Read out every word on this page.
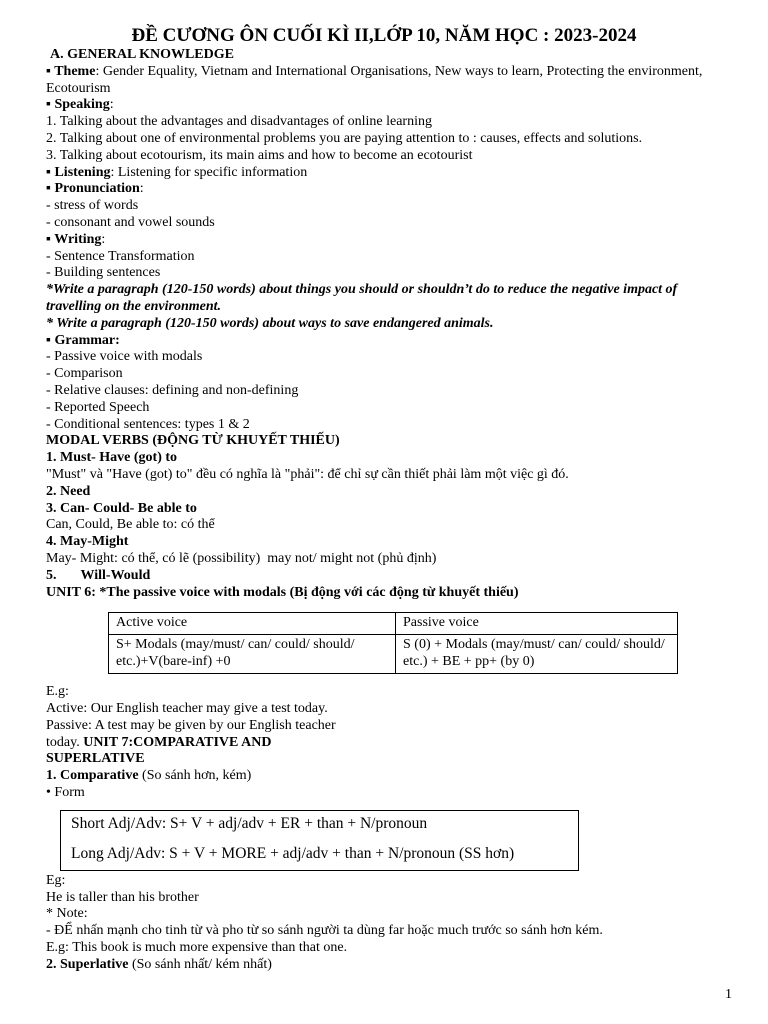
ĐỀ CƯƠNG ÔN CUỐI KÌ II,LỚP 10, NĂM HỌC : 2023-2024
A. GENERAL KNOWLEDGE
▪ Theme: Gender Equality, Vietnam and International Organisations, New ways to learn, Protecting the environment, Ecotourism
▪ Speaking:
1. Talking about the advantages and disadvantages of online learning
2. Talking about one of environmental problems you are paying attention to : causes, effects and solutions.
3. Talking about ecotourism, its main aims and how to become an ecotourist
▪ Listening: Listening for specific information
▪ Pronunciation:
- stress of words
- consonant and vowel sounds
▪ Writing:
- Sentence Transformation
- Building sentences
*Write a paragraph (120-150 words) about things you should or shouldn’t do to reduce the negative impact of travelling on the environment.
* Write a paragraph (120-150 words) about ways to save endangered animals.
▪ Grammar:
- Passive voice with modals
- Comparison
- Relative clauses: defining and non-defining
- Reported Speech
- Conditional sentences: types 1 & 2
MODAL VERBS (ĐỘNG TỪ KHUYẾT THIẾU)
1. Must- Have (got) to
"Must" và "Have (got) to" đều có nghĩa là "phải": để chỉ sự cần thiết phải làm một việc gì đó.
2. Need
3. Can- Could- Be able to
Can, Could, Be able to: có thể
4. May-Might
May- Might: có thể, có lẽ (possibility) 󠄃 may not/ might not (phủ định)
5. Will-Would
UNIT 6: *The passive voice with modals (Bị động với các động từ khuyết thiếu)
Active voice	Passive voice
S+ Modals (may/must/ can/ could/ should/ etc.)+V(bare-inf) +0	S (0) + Modals (may/must/ can/ could/ should/ etc.) + BE + pp+ (by 0)
E.g:
Active: Our English teacher may give a test today.
Passive: A test may be given by our English teacher
today. UNIT 7:COMPARATIVE AND
SUPERLATIVE
1. Comparative (So sánh hơn, kém)
• Form
Short Adj/Adv: S+ V + adj/adv + ER + than + N/pronoun
Long Adj/Adv: S + V + MORE + adj/adv + than + N/pronoun (SS hơn)
Eg:
He is taller than his brother
* Note:
- ĐỂ nhấn mạnh cho tinh từ và pho từ so sánh người ta dùng far hoặc much trước so sánh hơn kém.
E.g: This book is much more expensive than that one.
2. Superlative (So sánh nhất/ kém nhất)
1
